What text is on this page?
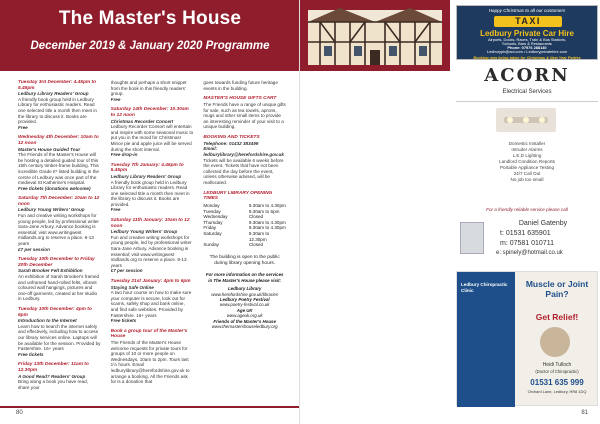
The Master's House
December 2019 & January 2020 Programme
Tuesday 3rd December: 4.45pm to 5.45pm
Ledbury Library Readers' Group
A friendly book group held in Ledbury Library for enthusiastic readers. Read one selected title a month then meet in the library to discuss it. Books are provided.
Free
Wednesday 4th December: 10am to 12 noon
Master's House Guided Tour
The Friends of the Master's House will be hosting a detailed guided tour of this 15th century timber-frame building. This incredible Grade II* listed building in the centre of Ledbury was once part of the medieval St Katherine's Hospital.
Free tickets (donations welcome)
Saturday 7th December: 10am to 12 noon
Ledbury Young Writers' Group
Fun and creative writing workshops for young people, led by professional writer Sara-Jane Arbury. Advance booking is essential; visit www.writingwest midlands.org to reserve a place. 8-13 years
£7 per session
Tuesday 10th December to Friday 20th December
Sarah Brooker Felt Exhibition
An exhibition of Sarah Brooker's framed and unframed hand-rolled felts, vibrant coloured wall hangings, pictures and one-off garments, created at her studio in Ledbury.
Tuesday 10th December: 4pm to 6pm
Introduction to the Internet
Learn how to search the internet safely and effectively, including how to access our library services online. Laptops will be available for the session. Provided by Fastershire. 16+ years
Free tickets
Friday 13th December: 11am to 12.30pm
A Good Read? Readers' Group
Bring along a book you have read, share your
thoughts and perhaps a short snippet from the book in this friendly readers' group.
Free
Saturday 14th December: 10.30am to 12 noon
Christmas Recorder Concert
Ledbury Recorder Consort will entertain and inspire with some seasonal music to put you in the mood for Christmas! Mince pie and apple juice will be served during the short interval.
Free drop-in
Tuesday 7th January: 4.45pm to 5.45pm
Ledbury Library Readers' Group
A friendly book group held in Ledbury Library for enthusiastic readers. Read one selected title a month then meet in the library to discuss it. Books are provided.
Free
Saturday 11th January: 10am to 12 noon
Ledbury Young Writers' Group
Fun and creative writing workshops for young people, led by professional writer Sara-Jane Arbury. Advance booking is essential; visit www.writingwest midlands.org to reserve a place. 8-13 years
£7 per session
Tuesday 21st January: 4pm to 6pm
Staying Safe Online
A two hour course on how to make sure your computer is secure, look out for scams, safely shop and bank online, and find safe websites. Provided by Fastershire. 16+ years
Free tickets
Book a group tour of the Master's House
The Friends of the Master's House welcome requests for private tours for groups of 10 or more people on Wednesdays, 10am to 2pm. Tours last 1½ hours. Email ledburylibrary@herefordshire.gov.uk to arrange a booking. All the Friends ask for is a donation that
goes towards funding future heritage events in the building.
MASTER'S HOUSE GIFTS CART
The Friends have a range of unique gifts for sale, such as tea towels, aprons, mugs and other small items to provide an interesting reminder of your visit to a unique building.
BOOKING AND TICKETS
Telephone: 01432 383499
Email: ledburylibrary@herefordshire.gov.uk
Tickets will be available 6 weeks before the event. Tickets that have not been collected the day before the event, unless otherwise advised, will be reallocated.
LEDBURY LIBRARY OPENING TIMES
Monday	9.30am to 4.30pm
Tuesday	9.30am to 6pm
Wednesday	Closed
Thursday	9.30am to 4.30pm
Friday	9.30am to 4.30pm
Saturday	9.30am to 12.30pm
Sunday	Closed
The building is open to the public during library opening hours.
For more information on the services in The Master's House please visit:
Ledbury Library
www.herefordshire.gov.uk/libraries
Ledbury Poetry Festival
www.poetry-festival.co.uk
Age UK
www.ageuk.org.uk
Friends of the Master's House
www.themastershouseledbury.org
80
Happy Christmas to all our customers
TAXI
Ledbury Private Car Hire
Airports, Docks, Races, Train & Bus Stations,
Schools, Bars & Restaurants
Phone: 07976 288140
Ledburyph@aol.com • Ledburyprivatehire.com
Booking now being taken for Christmas & New Year Parties
ACORN
Electrical Services
Domestic Installer
Intruder Alarms
L.E.D Lighting
Landlord Condition Reports
Portable Appliance Testing
24/7 Call Out
No job too small
For a friendly reliable service please call
Daniel Gatenby
t: 01531 635901
m: 07581 010711
e: spinely@hotmail.co.uk
Ledbury Chiropractic Clinic
Muscle or Joint Pain?
Get Relief!
Heidi Tulloch
(Doctor of Chiropractic)
01531 635 999
Orchard Lane, Ledbury, HR8 1DQ
81
